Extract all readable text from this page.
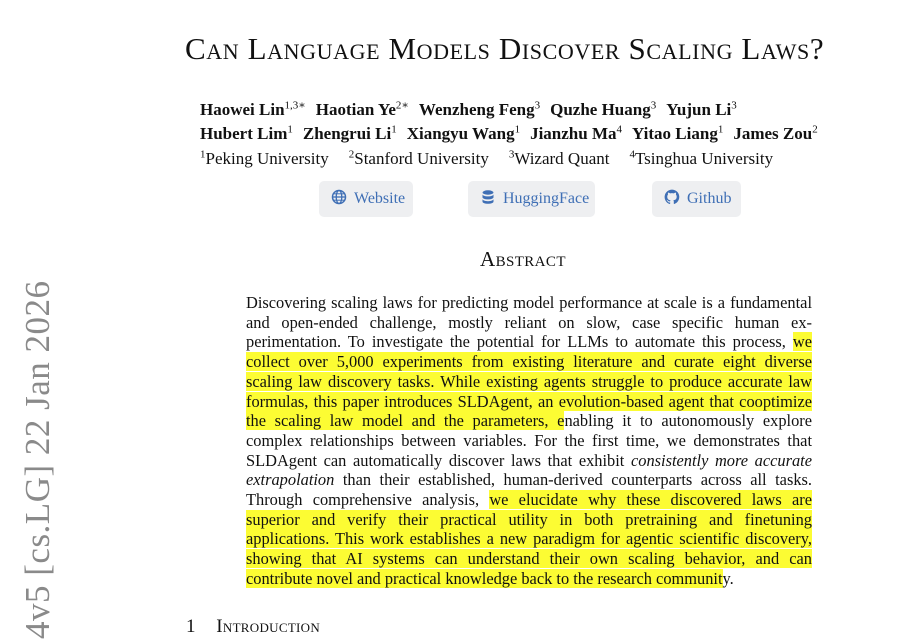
4v5 [cs.LG] 22 Jan 2026
Can Language Models Discover Scaling Laws?
Haowei Lin$^{1,3∗}$ Haotian $Ye^{2∗}$ Wenzheng Feng$^3$ Quzhe Huang$^3$ Yujun Li$^3$
Hubert Lim$^1$ Zhengrui Li$^1$ Xiangyu Wang$^1$ Jianzhu Ma$^4$ Yitao Liang$^1$ James Zou$^2$
$^1$Peking University $^2$Stanford University $^3$Wizard Quant $^4$Tsinghua University
Website	HuggingFace	Github
Abstract
Discovering scaling laws for predicting model performance at scale is a fundamental and open-ended challenge, mostly reliant on slow, case specific human experimentation. To investigate the potential for LLMs to automate this process, we collect over 5,000 experiments from existing literature and curate eight diverse scaling law discovery tasks. While existing agents struggle to produce accurate law formulas, this paper introduces SLDAgent, an evolution-based agent that cooptimize the scaling law model and the parameters, enabling it to autonomously explore complex relationships between variables. For the first time, we demonstrates that SLDAgent can automatically discover laws that exhibit consistently more accurate extrapolation than their established, human-derived counterparts across all tasks. Through comprehensive analysis, we elucidate why these discovered laws are superior and verify their practical utility in both pretraining and finetuning applications. This work establishes a new paradigm for agentic scientific discovery, showing that AI systems can understand their own scaling behavior, and can contribute novel and practical knowledge back to the research community.
1 Introduction
